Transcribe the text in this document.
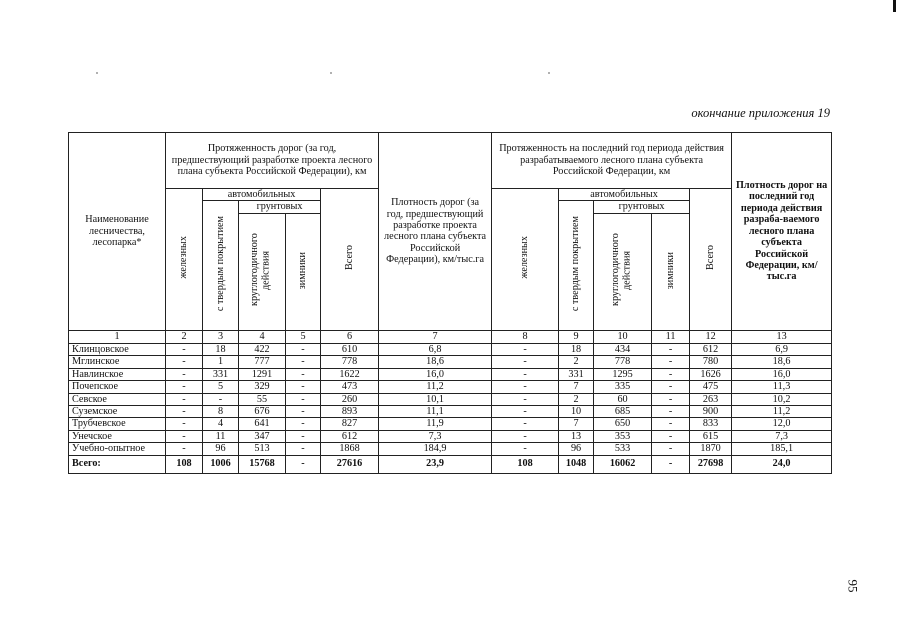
окончание приложения 19
Наименование лесничества, лесопарка*	Протяженность дорог (за год, предшествующий разработке проекта лесного плана субъекта Российской Федерации), км					Плотность дорог (за год, предшествующий разработке проекта лесного плана субъекта Российской Федерации), км/тыс.га	Протяженность на последний год периода действия разрабатываемого лесного плана субъекта Российской Федерации, км					Плотность дорог на последний год периода действия разраба-ваемого лесного плана субъекта Российской Федерации, км/тыс.га

	железных	автомобильных			Всего		железных	автомобильных			Всего	
		с твердым покрытием	грунтовых					с твердым покрытием	грунтовых			
			круглогодичного действия	зимники					круглогодичного действия	зимники		
1	2	3	4	5	6	7	8	9	10	11	12	13
Клинцовское	-	18	422	-	610	6,8	-	18	434	-	612	6,9
Мглинское	-	1	777	-	778	18,6	-	2	778	-	780	18,6
Навлинское	-	331	1291	-	1622	16,0	-	331	1295	-	1626	16,0
Почепское	-	5	329	-	473	11,2	-	7	335	-	475	11,3
Севское	-	-	55	-	260	10,1	-	2	60	-	263	10,2
Суземское	-	8	676	-	893	11,1	-	10	685	-	900	11,2
Трубчевское	-	4	641	-	827	11,9	-	7	650	-	833	12,0
Унечское	-	11	347	-	612	7,3	-	13	353	-	615	7,3
Учебно-опытное	-	96	513	-	1868	184,9	-	96	533	-	1870	185,1
Всего:	108	1006	15768	-	27616	23,9	108	1048	16062	-	27698	24,0
95
